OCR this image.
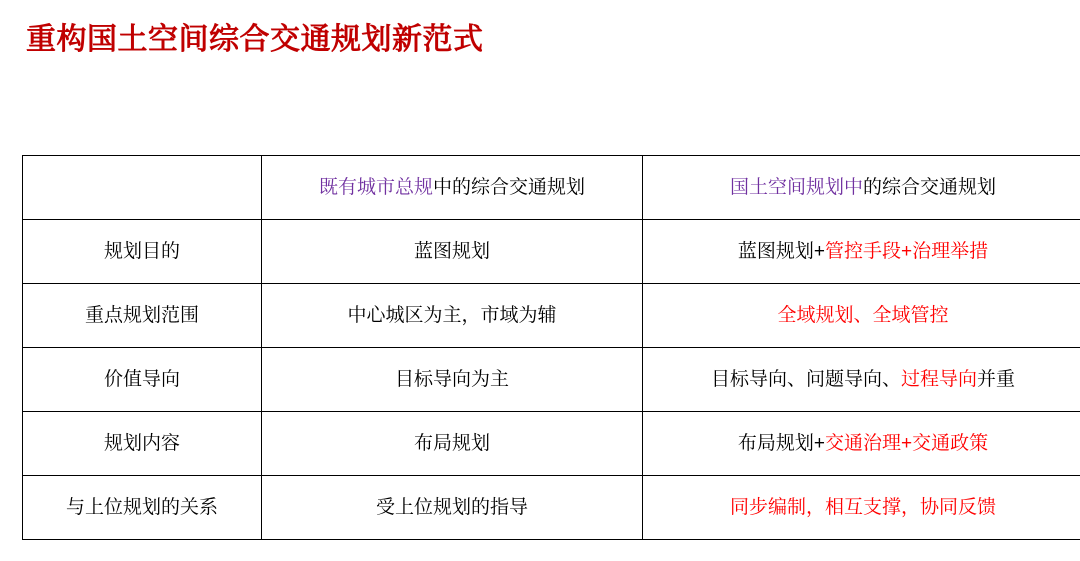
重构国土空间综合交通规划新范式
	既有城市总规中的综合交通规划	国土空间规划中的综合交通规划
规划目的	蓝图规划	蓝图规划+管控手段+治理举措
重点规划范围	中心城区为主，市域为辅	全域规划、全域管控
价值导向	目标导向为主	目标导向、问题导向、过程导向并重
规划内容	布局规划	布局规划+交通治理+交通政策
与上位规划的关系	受上位规划的指导	同步编制，相互支撑，协同反馈
